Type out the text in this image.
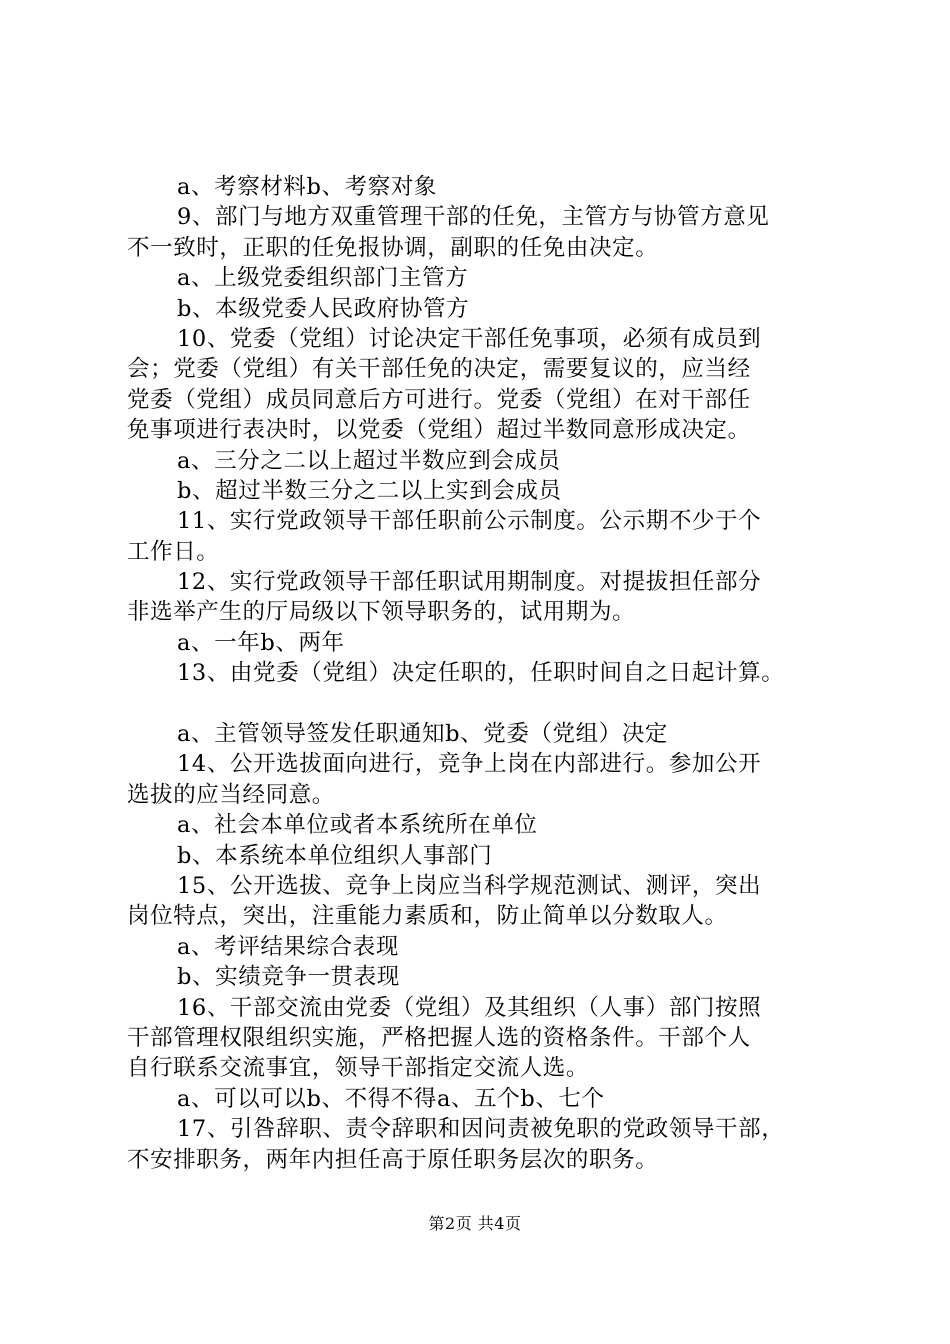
a、考察材料b、考察对象
9、部门与地方双重管理干部的任免，主管方与协管方意见
不一致时，正职的任免报协调，副职的任免由决定。
a、上级党委组织部门主管方
b、本级党委人民政府协管方
10、党委（党组）讨论决定干部任免事项，必须有成员到
会；党委（党组）有关干部任免的决定，需要复议的，应当经
党委（党组）成员同意后方可进行。党委（党组）在对干部任
免事项进行表决时，以党委（党组）超过半数同意形成决定。
a、三分之二以上超过半数应到会成员
b、超过半数三分之二以上实到会成员
11、实行党政领导干部任职前公示制度。公示期不少于个
工作日。
12、实行党政领导干部任职试用期制度。对提拔担任部分
非选举产生的厅局级以下领导职务的，试用期为。
a、一年b、两年
13、由党委（党组）决定任职的，任职时间自之日起计算。
a、主管领导签发任职通知b、党委（党组）决定
14、公开选拔面向进行，竞争上岗在内部进行。参加公开
选拔的应当经同意。
a、社会本单位或者本系统所在单位
b、本系统本单位组织人事部门
15、公开选拔、竞争上岗应当科学规范测试、测评，突出
岗位特点，突出，注重能力素质和，防止简单以分数取人。
a、考评结果综合表现
b、实绩竞争一贯表现
16、干部交流由党委（党组）及其组织（人事）部门按照
干部管理权限组织实施，严格把握人选的资格条件。干部个人
自行联系交流事宜，领导干部指定交流人选。
a、可以可以b、不得不得a、五个b、七个
17、引咎辞职、责令辞职和因问责被免职的党政领导干部，
不安排职务，两年内担任高于原任职务层次的职务。
第2页 共4页
